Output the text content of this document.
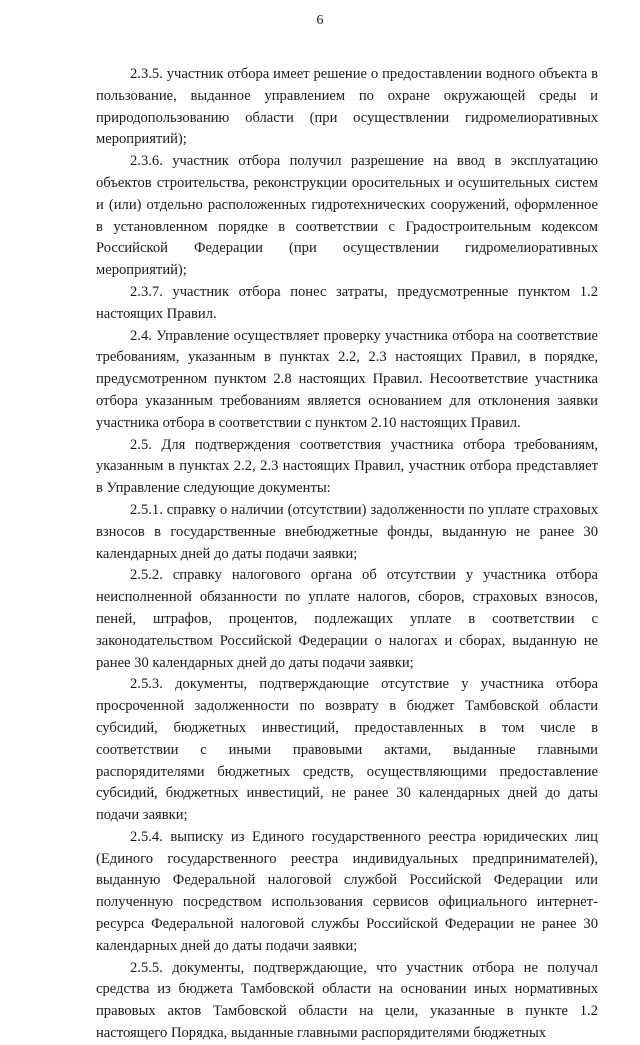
6

2.3.5. участник отбора имеет решение о предоставлении водного объекта в пользование, выданное управлением по охране окружающей среды и природопользованию области (при осуществлении гидромелиоративных мероприятий);

2.3.6. участник отбора получил разрешение на ввод в эксплуатацию объектов строительства, реконструкции оросительных и осушительных систем и (или) отдельно расположенных гидротехнических сооружений, оформленное в установленном порядке в соответствии с Градостроительным кодексом Российской Федерации (при осуществлении гидромелиоративных мероприятий);

2.3.7. участник отбора понес затраты, предусмотренные пунктом 1.2 настоящих Правил.

2.4. Управление осуществляет проверку участника отбора на соответствие требованиям, указанным в пунктах 2.2, 2.3 настоящих Правил, в порядке, предусмотренном пунктом 2.8 настоящих Правил. Несоответствие участника отбора указанным требованиям является основанием для отклонения заявки участника отбора в соответствии с пунктом 2.10 настоящих Правил.

2.5. Для подтверждения соответствия участника отбора требованиям, указанным в пунктах 2.2, 2.3 настоящих Правил, участник отбора представляет в Управление следующие документы:

2.5.1. справку о наличии (отсутствии) задолженности по уплате страховых взносов в государственные внебюджетные фонды, выданную не ранее 30 календарных дней до даты подачи заявки;

2.5.2. справку налогового органа об отсутствии у участника отбора неисполненной обязанности по уплате налогов, сборов, страховых взносов, пеней, штрафов, процентов, подлежащих уплате в соответствии с законодательством Российской Федерации о налогах и сборах, выданную не ранее 30 календарных дней до даты подачи заявки;

2.5.3. документы, подтверждающие отсутствие у участника отбора просроченной задолженности по возврату в бюджет Тамбовской области субсидий, бюджетных инвестиций, предоставленных в том числе в соответствии с иными правовыми актами, выданные главными распорядителями бюджетных средств, осуществляющими предоставление субсидий, бюджетных инвестиций, не ранее 30 календарных дней до даты подачи заявки;

2.5.4. выписку из Единого государственного реестра юридических лиц (Единого государственного реестра индивидуальных предпринимателей), выданную Федеральной налоговой службой Российской Федерации или полученную посредством использования сервисов официального интернет-ресурса Федеральной налоговой службы Российской Федерации не ранее 30 календарных дней до даты подачи заявки;

2.5.5. документы, подтверждающие, что участник отбора не получал средства из бюджета Тамбовской области на основании иных нормативных правовых актов Тамбовской области на цели, указанные в пункте 1.2 настоящего Порядка, выданные главными распорядителями бюджетных
